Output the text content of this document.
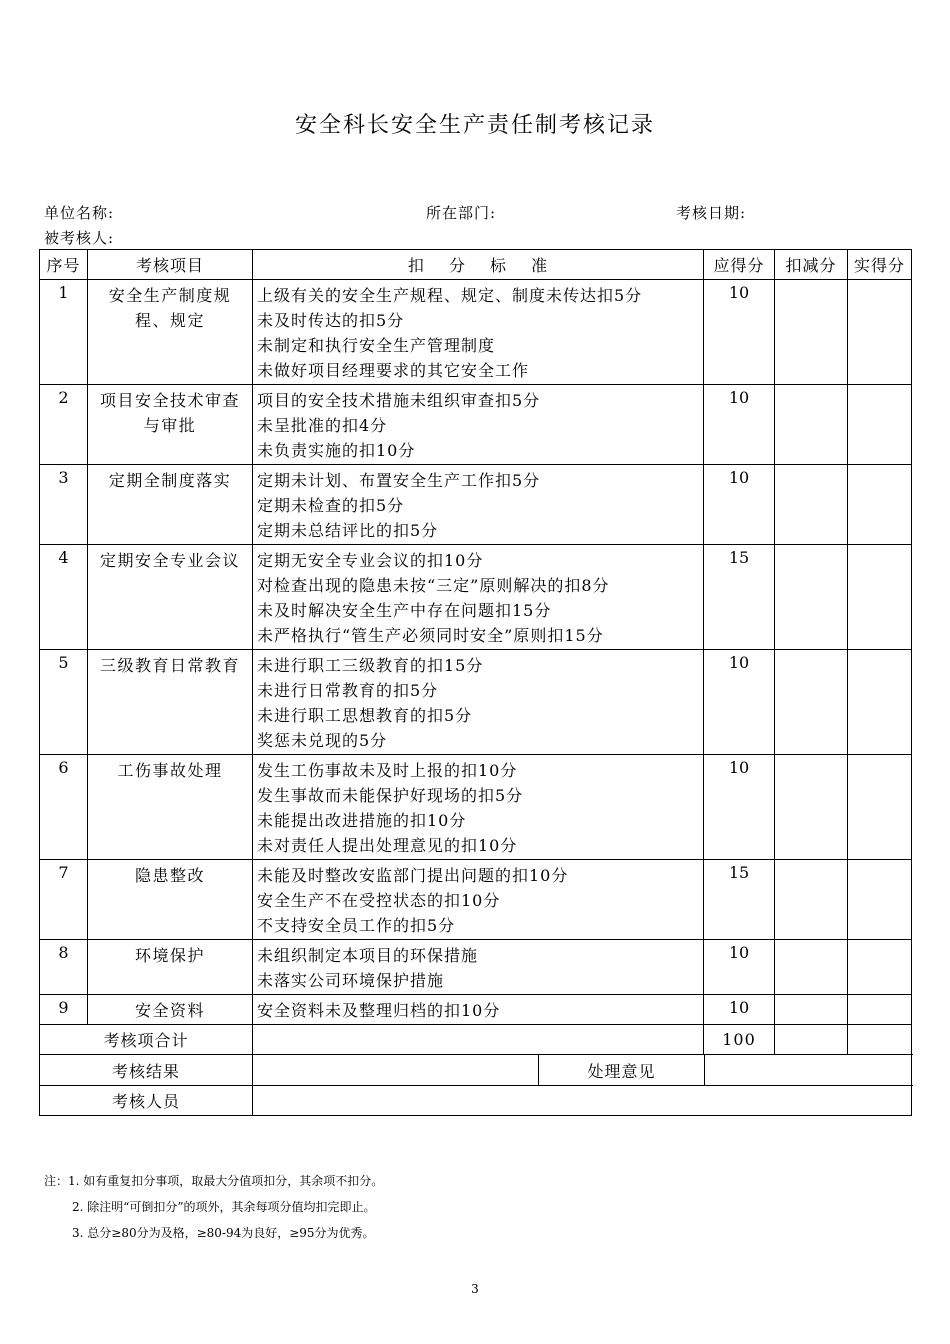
安全科长安全生产责任制考核记录
单位名称:	所在部门:	考核日期:
被考核人:
序号	考核项目	扣 分 标 准	应得分	扣减分	实得分
1	安全生产制度规程、规定	上级有关的安全生产规程、规定、制度未传达扣5分
未及时传达的扣5分
未制定和执行安全生产管理制度
未做好项目经理要求的其它安全工作	10		
2	项目安全技术审查与审批	项目的安全技术措施未组织审查扣5分
未呈批准的扣4分
未负责实施的扣10分	10		
3	定期全制度落实	定期未计划、布置安全生产工作扣5分
定期未检查的扣5分
定期未总结评比的扣5分	10		
4	定期安全专业会议	定期无安全专业会议的扣10分
对检查出现的隐患未按“三定”原则解决的扣8分
未及时解决安全生产中存在问题扣15分
未严格执行“管生产必须同时安全”原则扣15分	15		
5	三级教育日常教育	未进行职工三级教育的扣15分
未进行日常教育的扣5分
未进行职工思想教育的扣5分
奖惩未兑现的5分	10		
6	工伤事故处理	发生工伤事故未及时上报的扣10分
发生事故而未能保护好现场的扣5分
未能提出改进措施的扣10分
未对责任人提出处理意见的扣10分	10		
7	隐患整改	未能及时整改安监部门提出问题的扣10分
安全生产不在受控状态的扣10分
不支持安全员工作的扣5分	15		
8	环境保护	未组织制定本项目的环保措施
未落实公司环境保护措施	10		
9	安全资料	安全资料未及整理归档的扣10分	10		
考核项合计			100		
考核结果		处理意见			

考核人员					
注：1. 如有重复扣分事项，取最大分值项扣分，其余项不扣分。
2. 除注明“可倒扣分”的项外，其余每项分值均扣完即止。
3. 总分≥80分为及格，≥80-94为良好，≥95分为优秀。
3
